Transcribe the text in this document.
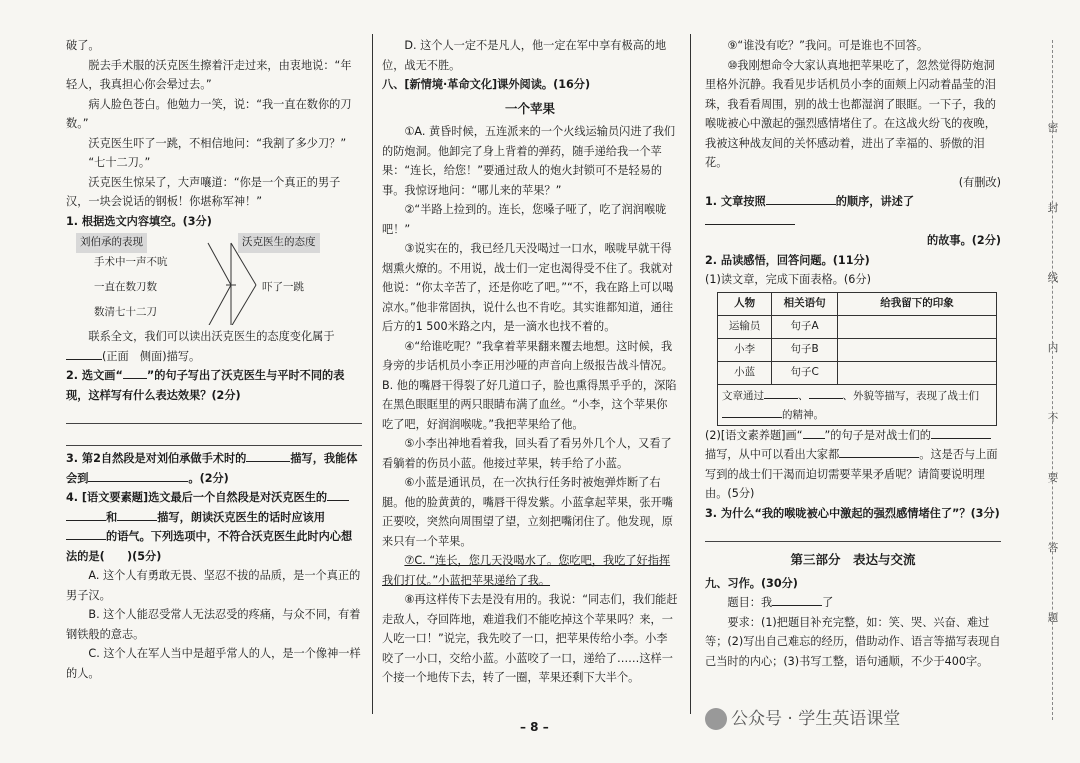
破了。

脱去手术服的沃克医生擦着汗走过来，由衷地说：“年轻人，我真担心你会晕过去。”

病人脸色苍白。他勉力一笑，说：“我一直在数你的刀数。”

沃克医生吓了一跳，不相信地问：“我割了多少刀？”

“七十二刀。”

沃克医生惊呆了，大声嚷道：“你是一个真正的男子汉，一块会说话的钢板！你堪称军神！”

1. 根据选文内容填空。(3分)

刘伯承的表现	沃克医生的态度
手术中一声不吭
一直在数刀数
数清七十二刀
吓了一跳

联系全文，我们可以读出沃克医生的态度变化属于(正面　侧面)描写。

2. 选文画“ ”的句子写出了沃克医生与平时不同的表现，这样写有什么表达效果？(2分)

3. 第2自然段是对刘伯承做手术时的	描写，我能体会到	。(2分)

4. [语文要素题]选文最后一个自然段是对沃克医生的和	描写，朗读沃克医生的话时应该用的语气。下列选项中，不符合沃克医生此时内心想法的是(　　)(5分)

A. 这个人有勇敢无畏、坚忍不拔的品质，是一个真正的男子汉。

B. 这个人能忍受常人无法忍受的疼痛，与众不同，有着钢铁般的意志。

C. 这个人在军人当中是超乎常人的人，是一个像神一样的人。

D. 这个人一定不是凡人，他一定在军中享有极高的地位，战无不胜。

八、[新情境·革命文化]课外阅读。(16分)

一个苹果

①A. 黄昏时候，五连派来的一个火线运输员闪进了我们的防炮洞。他卸完了身上背着的弹药，随手递给我一个苹果：“连长，给您！”要通过敌人的炮火封锁可不是轻易的事。我惊讶地问：“哪儿来的苹果？”

②“半路上捡到的。连长，您嗓子哑了，吃了润润喉咙吧！”

③说实在的，我已经几天没喝过一口水，喉咙早就干得烟熏火燎的。不用说，战士们一定也渴得受不住了。我就对他说：“你太辛苦了，还是你吃了吧。”“不，我在路上可以喝凉水。”他非常固执，说什么也不肯吃。其实谁都知道，通往后方的1 500米路之内，是一滴水也找不着的。

④“给谁吃呢？”我拿着苹果翻来覆去地想。这时候，我身旁的步话机员小李正用沙哑的声音向上级报告战斗情况。B. 他的嘴唇干得裂了好几道口子，脸也熏得黑乎乎的，深陷在黑色眼眶里的两只眼睛布满了血丝。“小李，这个苹果你吃了吧，好润润喉咙。”我把苹果给了他。

⑤小李出神地看着我，回头看了看另外几个人，又看了看躺着的伤员小蓝。他接过苹果，转手给了小蓝。

⑥小蓝是通讯员，在一次执行任务时被炮弹炸断了右腿。他的脸黄黄的，嘴唇干得发紫。小蓝拿起苹果，张开嘴正要咬，突然向周围望了望，立刻把嘴闭住了。他发现，原来只有一个苹果。

⑦C. “连长，您几天没喝水了。您吃吧，我吃了好指挥我们打仗。”小蓝把苹果递给了我。

⑧再这样传下去是没有用的。我说：“同志们，我们能赶走敌人，夺回阵地，难道我们不能吃掉这个苹果吗？来，一人吃一口！”说完，我先咬了一口，把苹果传给小李。小李咬了一小口，交给小蓝。小蓝咬了一口，递给了……这样一个接一个地传下去，转了一圈，苹果还剩下大半个。

⑨“谁没有吃？”我问。可是谁也不回答。

⑩我刚想命令大家认真地把苹果吃了，忽然觉得防炮洞里格外沉静。我看见步话机员小李的面颊上闪动着晶莹的泪珠，我看看周围，别的战士也都湿润了眼眶。一下子，我的喉咙被心中激起的强烈感情堵住了。在这战火纷飞的夜晚，我被这种战友间的关怀感动着，进出了幸福的、骄傲的泪花。

(有删改)

1. 文章按照	的顺序，讲述了

的故事。(2分)

2. 品读感悟，回答问题。(11分)

(1)读文章，完成下面表格。(6分)

人物	相关语句	给我留下的印象
运输员	句子A	
小李	句子B	
小蓝	句子C	
文章通过 、 、外貌等描写，表现了战士们的精神。		

(2)[语文素养题]画“ ”的句子是对战士们的描写，从中可以看出大家都	。这是否与上面写到的战士们干渴而迫切需要苹果矛盾呢？请简要说明理由。(5分)

3. 为什么“我的喉咙被心中激起的强烈感情堵住了”？(3分)

第三部分　表达与交流

九、习作。(30分)

题目：我	了

要求：(1)把题目补充完整，如：笑、哭、兴奋、难过等；(2)写出自己难忘的经历，借助动作、语言等描写表现自己当时的内心；(3)书写工整，语句通顺，不少于400字。

密
封
线
内
不
要
答
题
– 8 –	公众号 · 学生英语课堂
